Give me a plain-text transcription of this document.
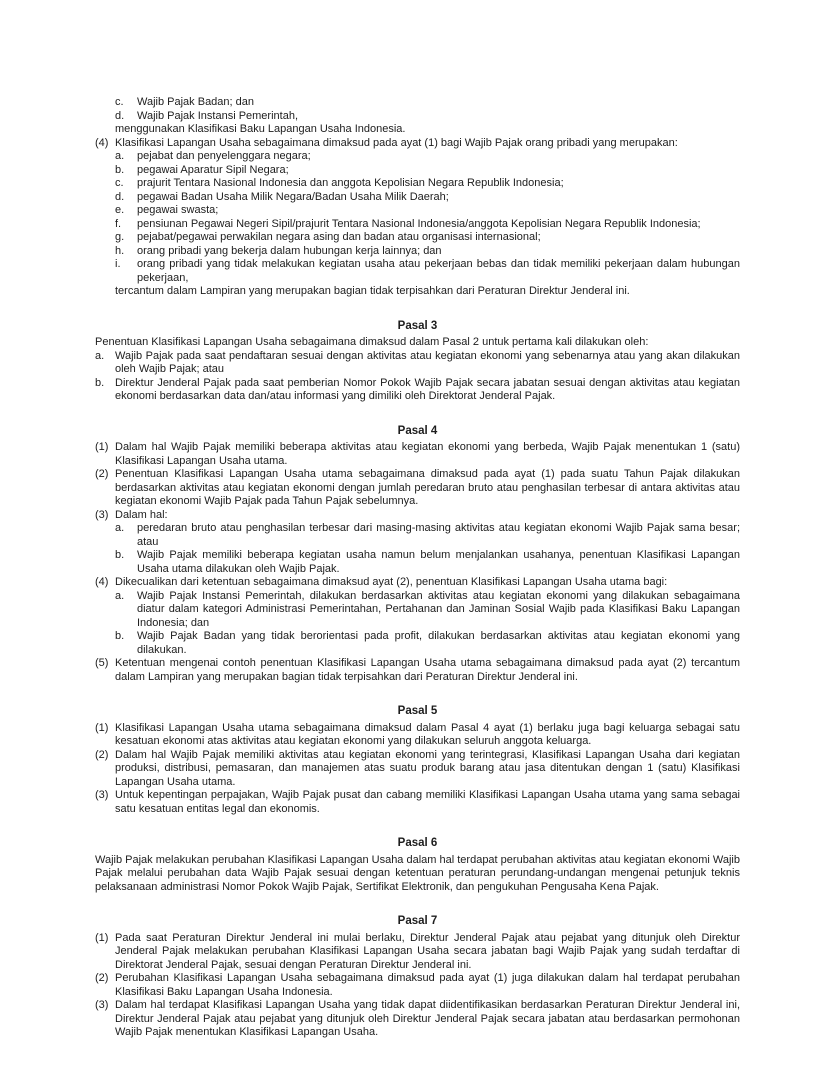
c.	Wajib Pajak Badan; dan
d.	Wajib Pajak Instansi Pemerintah,
menggunakan Klasifikasi Baku Lapangan Usaha Indonesia.
(4) Klasifikasi Lapangan Usaha sebagaimana dimaksud pada ayat (1) bagi Wajib Pajak orang pribadi yang merupakan:
a.	pejabat dan penyelenggara negara;
b.	pegawai Aparatur Sipil Negara;
c.	prajurit Tentara Nasional Indonesia dan anggota Kepolisian Negara Republik Indonesia;
d.	pegawai Badan Usaha Milik Negara/Badan Usaha Milik Daerah;
e.	pegawai swasta;
f.	pensiunan Pegawai Negeri Sipil/prajurit Tentara Nasional Indonesia/anggota Kepolisian Negara Republik Indonesia;
g.	pejabat/pegawai perwakilan negara asing dan badan atau organisasi internasional;
h.	orang pribadi yang bekerja dalam hubungan kerja lainnya; dan
i.	orang pribadi yang tidak melakukan kegiatan usaha atau pekerjaan bebas dan tidak memiliki pekerjaan dalam hubungan pekerjaan,
tercantum dalam Lampiran yang merupakan bagian tidak terpisahkan dari Peraturan Direktur Jenderal ini.
Pasal 3
Penentuan Klasifikasi Lapangan Usaha sebagaimana dimaksud dalam Pasal 2 untuk pertama kali dilakukan oleh:
a. Wajib Pajak pada saat pendaftaran sesuai dengan aktivitas atau kegiatan ekonomi yang sebenarnya atau yang akan dilakukan oleh Wajib Pajak; atau
b. Direktur Jenderal Pajak pada saat pemberian Nomor Pokok Wajib Pajak secara jabatan sesuai dengan aktivitas atau kegiatan ekonomi berdasarkan data dan/atau informasi yang dimiliki oleh Direktorat Jenderal Pajak.
Pasal 4
(1) Dalam hal Wajib Pajak memiliki beberapa aktivitas atau kegiatan ekonomi yang berbeda, Wajib Pajak menentukan 1 (satu) Klasifikasi Lapangan Usaha utama.
(2) Penentuan Klasifikasi Lapangan Usaha utama sebagaimana dimaksud pada ayat (1) pada suatu Tahun Pajak dilakukan berdasarkan aktivitas atau kegiatan ekonomi dengan jumlah peredaran bruto atau penghasilan terbesar di antara aktivitas atau kegiatan ekonomi Wajib Pajak pada Tahun Pajak sebelumnya.
(3) Dalam hal:
a.	peredaran bruto atau penghasilan terbesar dari masing-masing aktivitas atau kegiatan ekonomi Wajib Pajak sama besar; atau
b.	Wajib Pajak memiliki beberapa kegiatan usaha namun belum menjalankan usahanya, penentuan Klasifikasi Lapangan Usaha utama dilakukan oleh Wajib Pajak.
(4) Dikecualikan dari ketentuan sebagaimana dimaksud ayat (2), penentuan Klasifikasi Lapangan Usaha utama bagi:
a.	Wajib Pajak Instansi Pemerintah, dilakukan berdasarkan aktivitas atau kegiatan ekonomi yang dilakukan sebagaimana diatur dalam kategori Administrasi Pemerintahan, Pertahanan dan Jaminan Sosial Wajib pada Klasifikasi Baku Lapangan Indonesia; dan
b.	Wajib Pajak Badan yang tidak berorientasi pada profit, dilakukan berdasarkan aktivitas atau kegiatan ekonomi yang dilakukan.
(5) Ketentuan mengenai contoh penentuan Klasifikasi Lapangan Usaha utama sebagaimana dimaksud pada ayat (2) tercantum dalam Lampiran yang merupakan bagian tidak terpisahkan dari Peraturan Direktur Jenderal ini.
Pasal 5
(1) Klasifikasi Lapangan Usaha utama sebagaimana dimaksud dalam Pasal 4 ayat (1) berlaku juga bagi keluarga sebagai satu kesatuan ekonomi atas aktivitas atau kegiatan ekonomi yang dilakukan seluruh anggota keluarga.
(2) Dalam hal Wajib Pajak memiliki aktivitas atau kegiatan ekonomi yang terintegrasi, Klasifikasi Lapangan Usaha dari kegiatan produksi, distribusi, pemasaran, dan manajemen atas suatu produk barang atau jasa ditentukan dengan 1 (satu) Klasifikasi Lapangan Usaha utama.
(3) Untuk kepentingan perpajakan, Wajib Pajak pusat dan cabang memiliki Klasifikasi Lapangan Usaha utama yang sama sebagai satu kesatuan entitas legal dan ekonomis.
Pasal 6
Wajib Pajak melakukan perubahan Klasifikasi Lapangan Usaha dalam hal terdapat perubahan aktivitas atau kegiatan ekonomi Wajib Pajak melalui perubahan data Wajib Pajak sesuai dengan ketentuan peraturan perundang-undangan mengenai petunjuk teknis pelaksanaan administrasi Nomor Pokok Wajib Pajak, Sertifikat Elektronik, dan pengukuhan Pengusaha Kena Pajak.
Pasal 7
(1) Pada saat Peraturan Direktur Jenderal ini mulai berlaku, Direktur Jenderal Pajak atau pejabat yang ditunjuk oleh Direktur Jenderal Pajak melakukan perubahan Klasifikasi Lapangan Usaha secara jabatan bagi Wajib Pajak yang sudah terdaftar di Direktorat Jenderal Pajak, sesuai dengan Peraturan Direktur Jenderal ini.
(2) Perubahan Klasifikasi Lapangan Usaha sebagaimana dimaksud pada ayat (1) juga dilakukan dalam hal terdapat perubahan Klasifikasi Baku Lapangan Usaha Indonesia.
(3) Dalam hal terdapat Klasifikasi Lapangan Usaha yang tidak dapat diidentifikasikan berdasarkan Peraturan Direktur Jenderal ini, Direktur Jenderal Pajak atau pejabat yang ditunjuk oleh Direktur Jenderal Pajak secara jabatan atau berdasarkan permohonan Wajib Pajak menentukan Klasifikasi Lapangan Usaha.
